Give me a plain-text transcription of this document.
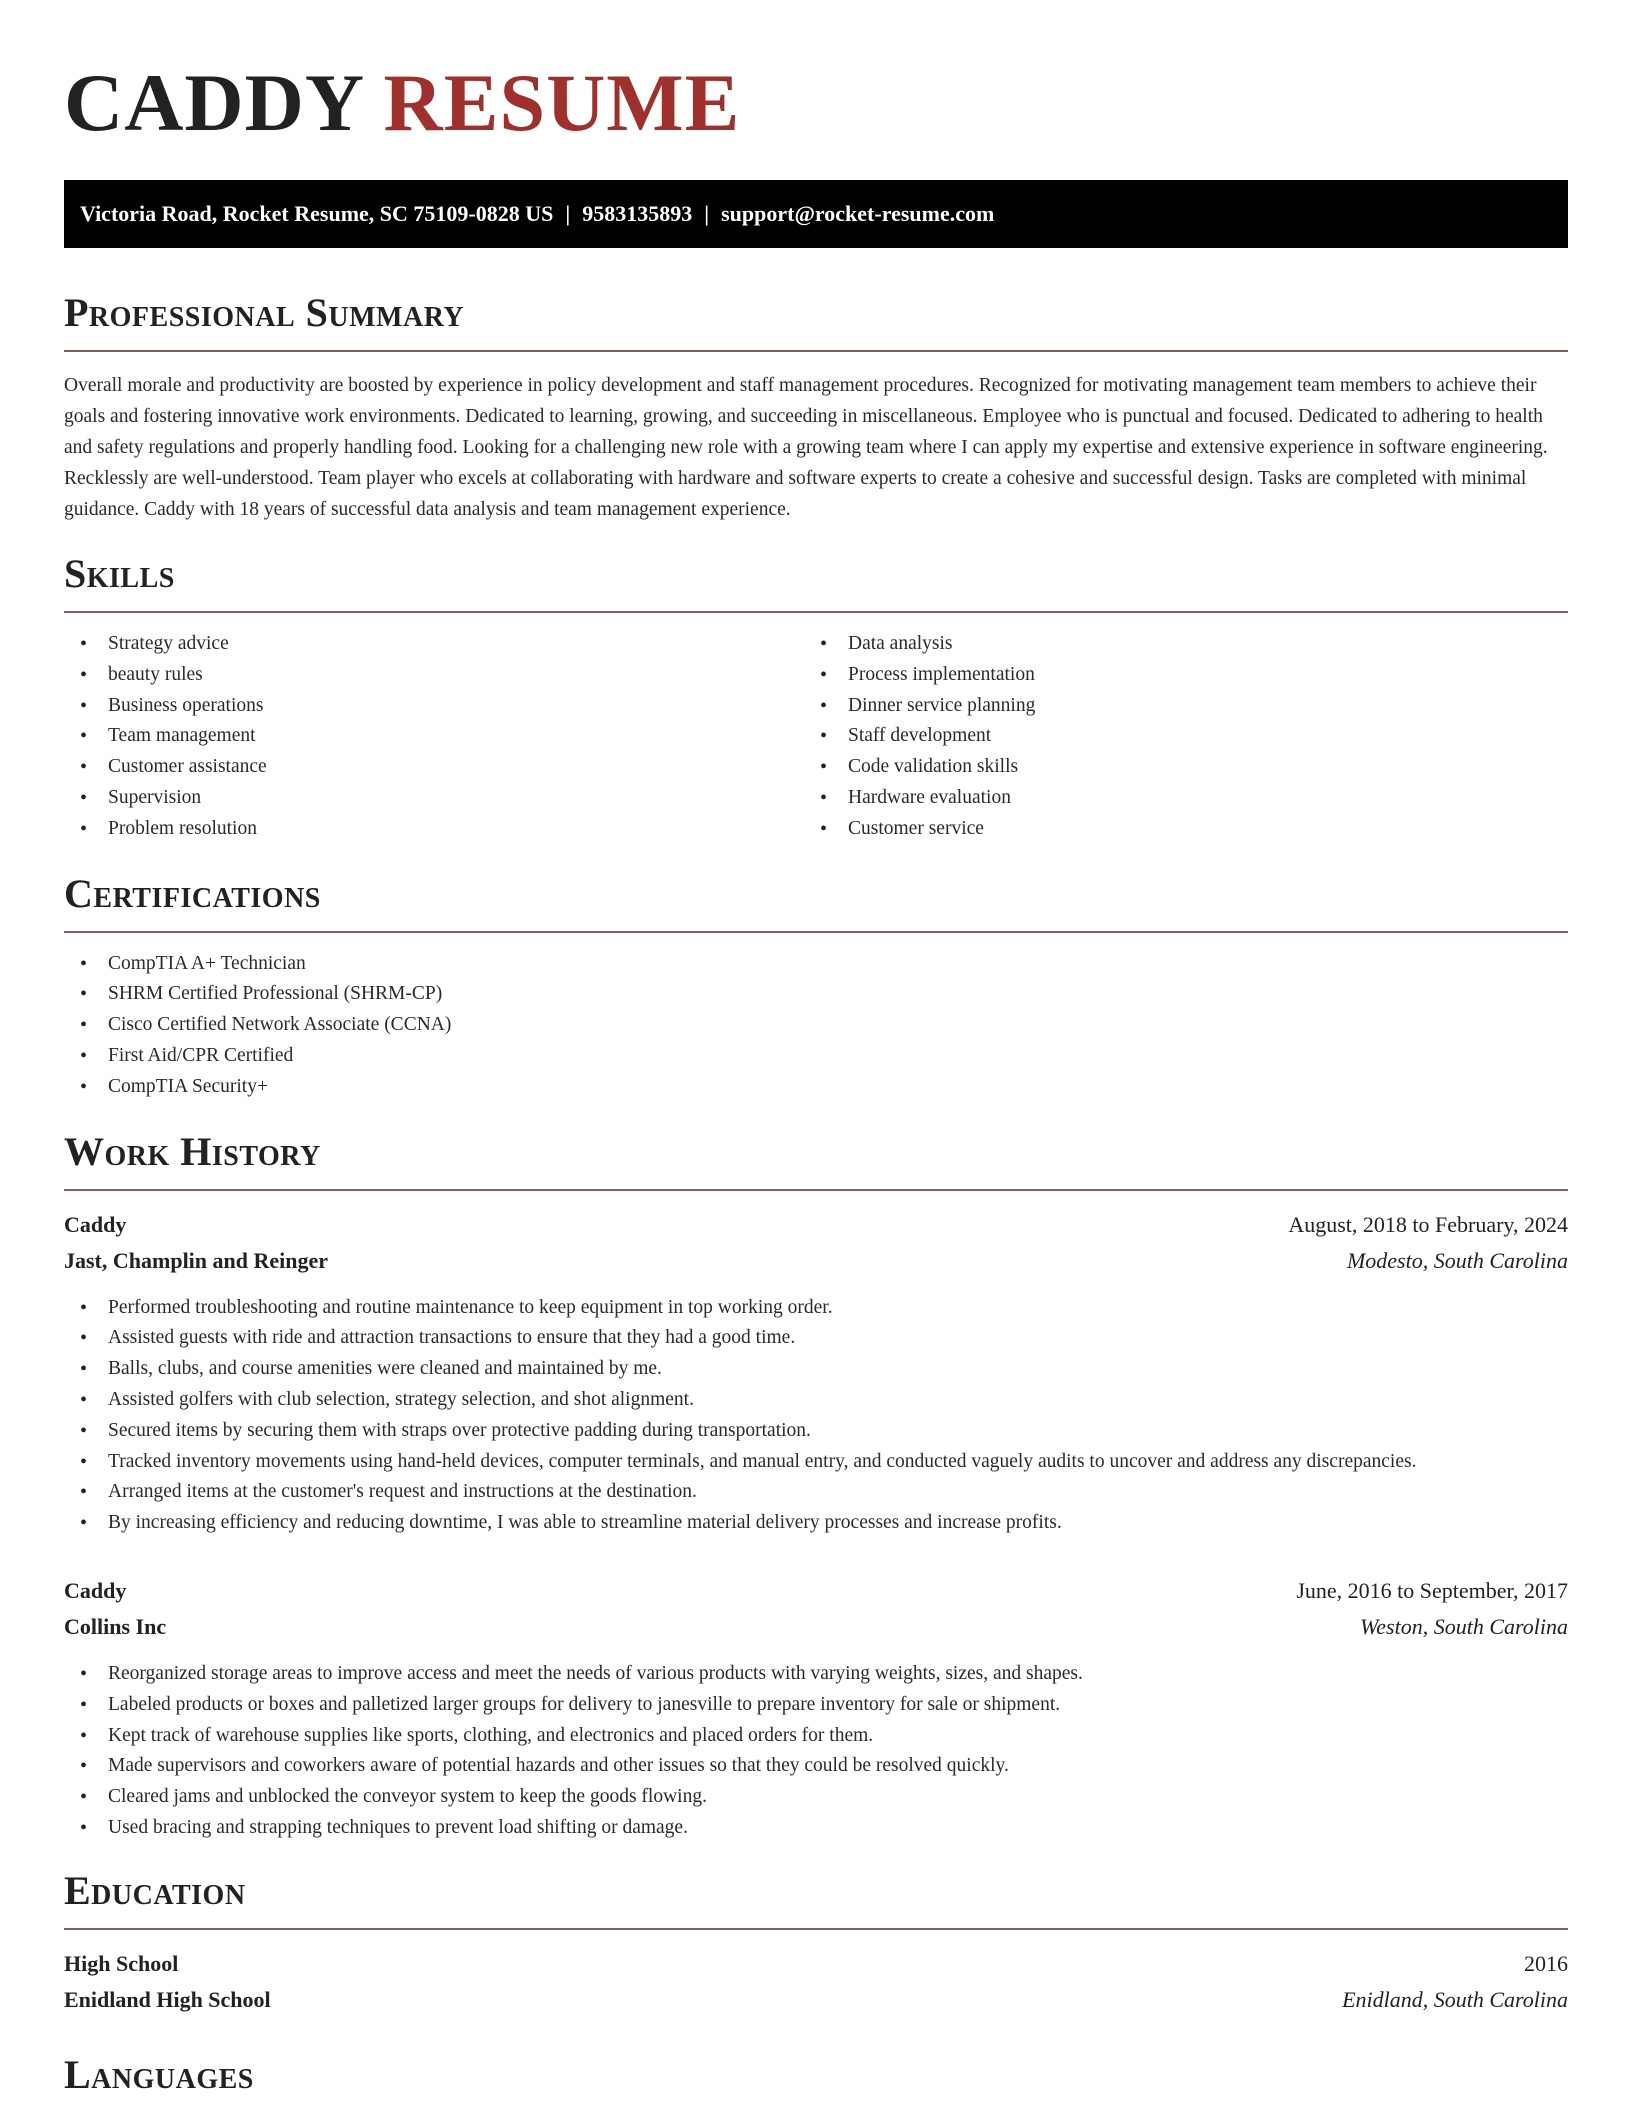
CADDY RESUME
Victoria Road, Rocket Resume, SC 75109-0828 US | 9583135893 | support@rocket-resume.com
Professional Summary

Overall morale and productivity are boosted by experience in policy development and staff management procedures. Recognized for motivating management team members to achieve their goals and fostering innovative work environments. Dedicated to learning, growing, and succeeding in miscellaneous. Employee who is punctual and focused. Dedicated to adhering to health and safety regulations and properly handling food. Looking for a challenging new role with a growing team where I can apply my expertise and extensive experience in software engineering. Recklessly are well-understood. Team player who excels at collaborating with hardware and software experts to create a cohesive and successful design. Tasks are completed with minimal guidance. Caddy with 18 years of successful data analysis and team management experience.

Skills
• Strategy advice
• beauty rules
• Business operations
• Team management
• Customer assistance
• Supervision
• Problem resolution
• Data analysis
• Process implementation
• Dinner service planning
• Staff development
• Code validation skills
• Hardware evaluation
• Customer service
Certifications
• CompTIA A+ Technician
• SHRM Certified Professional (SHRM-CP)
• Cisco Certified Network Associate (CCNA)
• First Aid/CPR Certified
• CompTIA Security+
Work History
Caddy	August, 2018 to February, 2024
Jast, Champlin and Reinger	Modesto, South Carolina
• Performed troubleshooting and routine maintenance to keep equipment in top working order.
• Assisted guests with ride and attraction transactions to ensure that they had a good time.
• Balls, clubs, and course amenities were cleaned and maintained by me.
• Assisted golfers with club selection, strategy selection, and shot alignment.
• Secured items by securing them with straps over protective padding during transportation.
• Tracked inventory movements using hand-held devices, computer terminals, and manual entry, and conducted vaguely audits to uncover and address any discrepancies.
• Arranged items at the customer's request and instructions at the destination.
• By increasing efficiency and reducing downtime, I was able to streamline material delivery processes and increase profits.
Caddy	June, 2016 to September, 2017
Collins Inc	Weston, South Carolina
• Reorganized storage areas to improve access and meet the needs of various products with varying weights, sizes, and shapes.
• Labeled products or boxes and palletized larger groups for delivery to janesville to prepare inventory for sale or shipment.
• Kept track of warehouse supplies like sports, clothing, and electronics and placed orders for them.
• Made supervisors and coworkers aware of potential hazards and other issues so that they could be resolved quickly.
• Cleared jams and unblocked the conveyor system to keep the goods flowing.
• Used bracing and strapping techniques to prevent load shifting or damage.
Education
High School	2016
Enidland High School	Enidland, South Carolina
Languages
